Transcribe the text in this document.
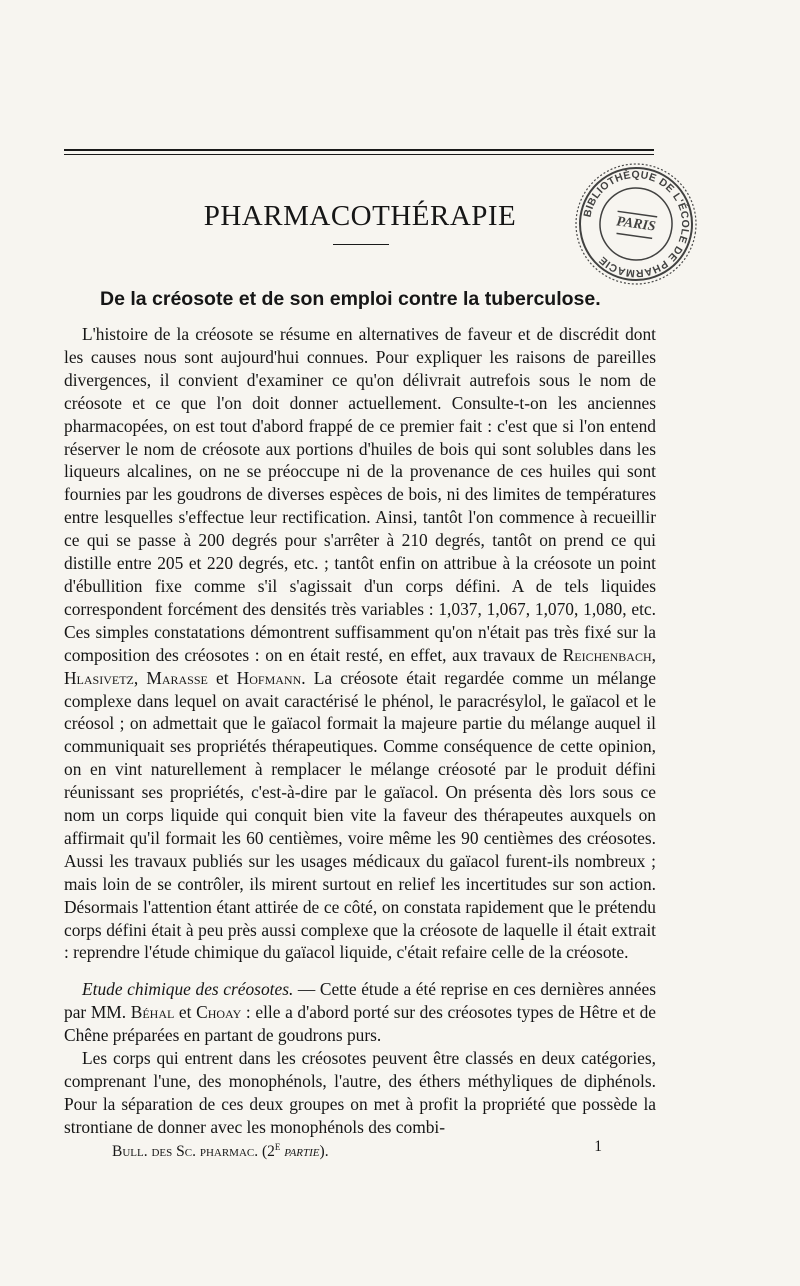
BIBLIOTHÈQUE DE L'ÉCOLE DE PHARMACIE
PARIS
PHARMACOTHÉRAPIE
De la créosote et de son emploi contre la tuberculose.

L'histoire de la créosote se résume en alternatives de faveur et de discrédit dont les causes nous sont aujourd'hui connues. Pour expliquer les raisons de pareilles divergences, il convient d'examiner ce qu'on délivrait autrefois sous le nom de créosote et ce que l'on doit donner actuellement. Consulte-t-on les anciennes pharmacopées, on est tout d'abord frappé de ce premier fait : c'est que si l'on entend réserver le nom de créosote aux portions d'huiles de bois qui sont solubles dans les liqueurs alcalines, on ne se préoccupe ni de la provenance de ces huiles qui sont fournies par les goudrons de diverses espèces de bois, ni des limites de températures entre lesquelles s'effectue leur rectification. Ainsi, tantôt l'on commence à recueillir ce qui se passe à 200 degrés pour s'arrêter à 210 degrés, tantôt on prend ce qui distille entre 205 et 220 degrés, etc. ; tantôt enfin on attribue à la créosote un point d'ébullition fixe comme s'il s'agissait d'un corps défini. A de tels liquides correspondent forcément des densités très variables : 1,037, 1,067, 1,070, 1,080, etc. Ces simples constatations démontrent suffisamment qu'on n'était pas très fixé sur la composition des créosotes : on en était resté, en effet, aux travaux de Reichenbach, Hlasivetz, Marasse et Hofmann. La créosote était regardée comme un mélange complexe dans lequel on avait caractérisé le phénol, le paracrésylol, le gaïacol et le créosol ; on admettait que le gaïacol formait la majeure partie du mélange auquel il communiquait ses propriétés thérapeutiques. Comme conséquence de cette opinion, on en vint naturellement à remplacer le mélange créosoté par le produit défini réunissant ses propriétés, c'est-à-dire par le gaïacol. On présenta dès lors sous ce nom un corps liquide qui conquit bien vite la faveur des thérapeutes auxquels on affirmait qu'il formait les 60 centièmes, voire même les 90 centièmes des créosotes. Aussi les travaux publiés sur les usages médicaux du gaïacol furent-ils nombreux ; mais loin de se contrôler, ils mirent surtout en relief les incertitudes sur son action. Désormais l'attention étant attirée de ce côté, on constata rapidement que le prétendu corps défini était à peu près aussi complexe que la créosote de laquelle il était extrait : reprendre l'étude chimique du gaïacol liquide, c'était refaire celle de la créosote.

Etude chimique des créosotes. — Cette étude a été reprise en ces dernières années par MM. Béhal et Choay : elle a d'abord porté sur des créosotes types de Hêtre et de Chêne préparées en partant de goudrons purs.

Les corps qui entrent dans les créosotes peuvent être classés en deux catégories, comprenant l'une, des monophénols, l'autre, des éthers méthyliques de diphénols. Pour la séparation de ces deux groupes on met à profit la propriété que possède la strontiane de donner avec les monophénols des combi-

Bull. des Sc. pharmac. (2e partie).	1
